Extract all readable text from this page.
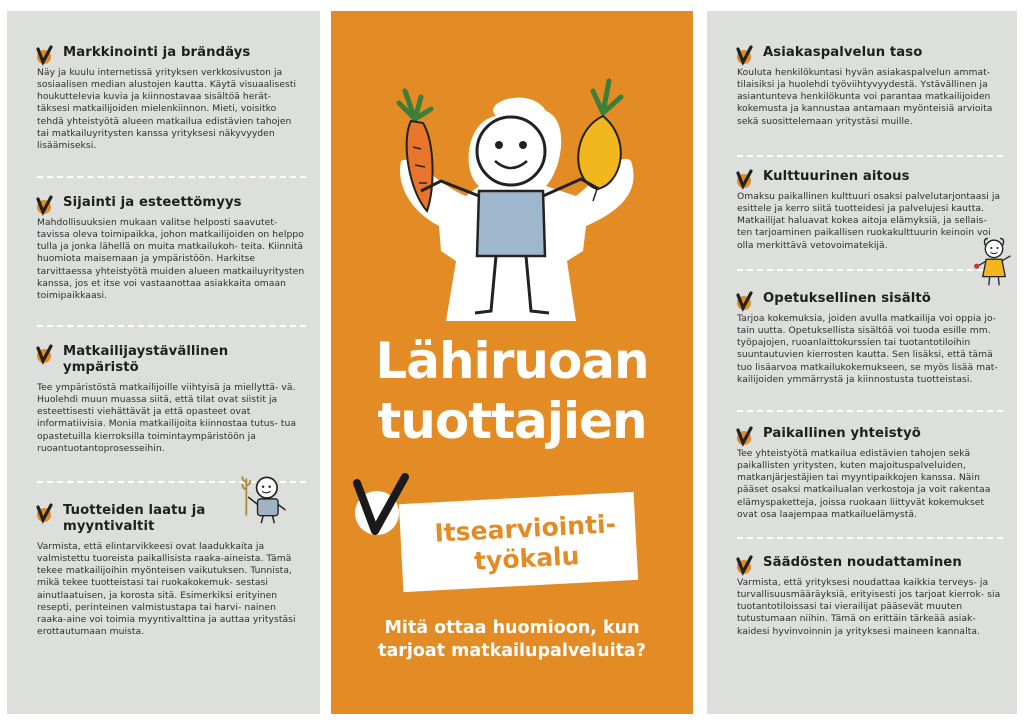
Markkinointi ja brändäys
Näy ja kuulu internetissä yrityksen verkkosivuston ja sosiaalisen median alustojen kautta. Käytä visuaalisesti houkuttelevia kuvia ja kiinnostavaa sisältöä herät- täksesi matkailijoiden mielenkiinnon. Mieti, voisitko tehdä yhteistyötä alueen matkailua edistävien tahojen tai matkailuyritysten kanssa yrityksesi näkyvyyden lisäämiseksi.
Sijainti ja esteettömyys
Mahdollisuuksien mukaan valitse helposti saavutet- tavissa oleva toimipaikka, johon matkailijoiden on helppo tulla ja jonka lähellä on muita matkailukoh- teita. Kiinnitä huomiota maisemaan ja ympäristöön. Harkitse tarvittaessa yhteistyötä muiden alueen matkailuyritysten kanssa, jos et itse voi vastaanottaa asiakkaita omaan toimipaikkaasi.
Matkailijaystävällinen ympäristö
Tee ympäristöstä matkailijoille viihtyisä ja miellyttä- vä. Huolehdi muun muassa siitä, että tilat ovat siistit ja esteettisesti viehättävät ja että opasteet ovat informatiivisia. Monia matkailijoita kiinnostaa tutus- tua opastetuilla kierroksilla toimintaympäristöön ja ruoantuotantoprosesseihin.
Tuotteiden laatu ja myyntivaltit
Varmista, että elintarvikkeesi ovat laadukkaita ja valmistettu tuoreista paikallisista raaka-aineista. Tämä tekee matkailijoihin myönteisen vaikutuksen. Tunnista, mikä tekee tuotteistasi tai ruokakokemuk- sestasi ainutlaatuisen, ja korosta sitä. Esimerkiksi erityinen resepti, perinteinen valmistustapa tai harvi- nainen raaka-aine voi toimia myyntivalttina ja auttaa yritystäsi erottautumaan muista.
Lähiruoan
tuottajien
Itsearviointi-
työkalu
Mitä ottaa huomioon, kun
tarjoat matkailupalveluita?
Asiakaspalvelun taso
Kouluta henkilökuntasi hyvän asiakaspalvelun ammat- tilaisiksi ja huolehdi työviihtyvyydestä. Ystävällinen ja asiantunteva henkilökunta voi parantaa matkailijoiden kokemusta ja kannustaa antamaan myönteisiä arvioita sekä suosittelemaan yritystäsi muille.
Kulttuurinen aitous
Omaksu paikallinen kulttuuri osaksi palvelutarjontaasi ja esittele ja kerro siitä tuotteidesi ja palvelujesi kautta. Matkailijat haluavat kokea aitoja elämyksiä, ja sellais- ten tarjoaminen paikallisen ruokakulttuurin keinoin voi olla merkittävä vetovoimatekijä.
Opetuksellinen sisältö
Tarjoa kokemuksia, joiden avulla matkailija voi oppia jo- tain uutta. Opetuksellista sisältöä voi tuoda esille mm. työpajojen, ruoanlaittokurssien tai tuotantotiloihin suuntautuvien kierrosten kautta. Sen lisäksi, että tämä tuo lisäarvoa matkailukokemukseen, se myös lisää mat- kailijoiden ymmärrystä ja kiinnostusta tuotteistasi.
Paikallinen yhteistyö
Tee yhteistyötä matkailua edistävien tahojen sekä paikallisten yritysten, kuten majoituspalveluiden, matkanjärjestäjien tai myyntipaikkojen kanssa. Näin pääset osaksi matkailualan verkostoja ja voit rakentaa elämyspaketteja, joissa ruokaan liittyvät kokemukset ovat osa laajempaa matkailuelämystä.
Säädösten noudattaminen
Varmista, että yrityksesi noudattaa kaikkia terveys- ja turvallisuusmääräyksiä, erityisesti jos tarjoat kierrok- sia tuotantotiloissasi tai vierailijat pääsevät muuten tutustumaan niihin. Tämä on erittäin tärkeää asiak- kaidesi hyvinvoinnin ja yrityksesi maineen kannalta.
